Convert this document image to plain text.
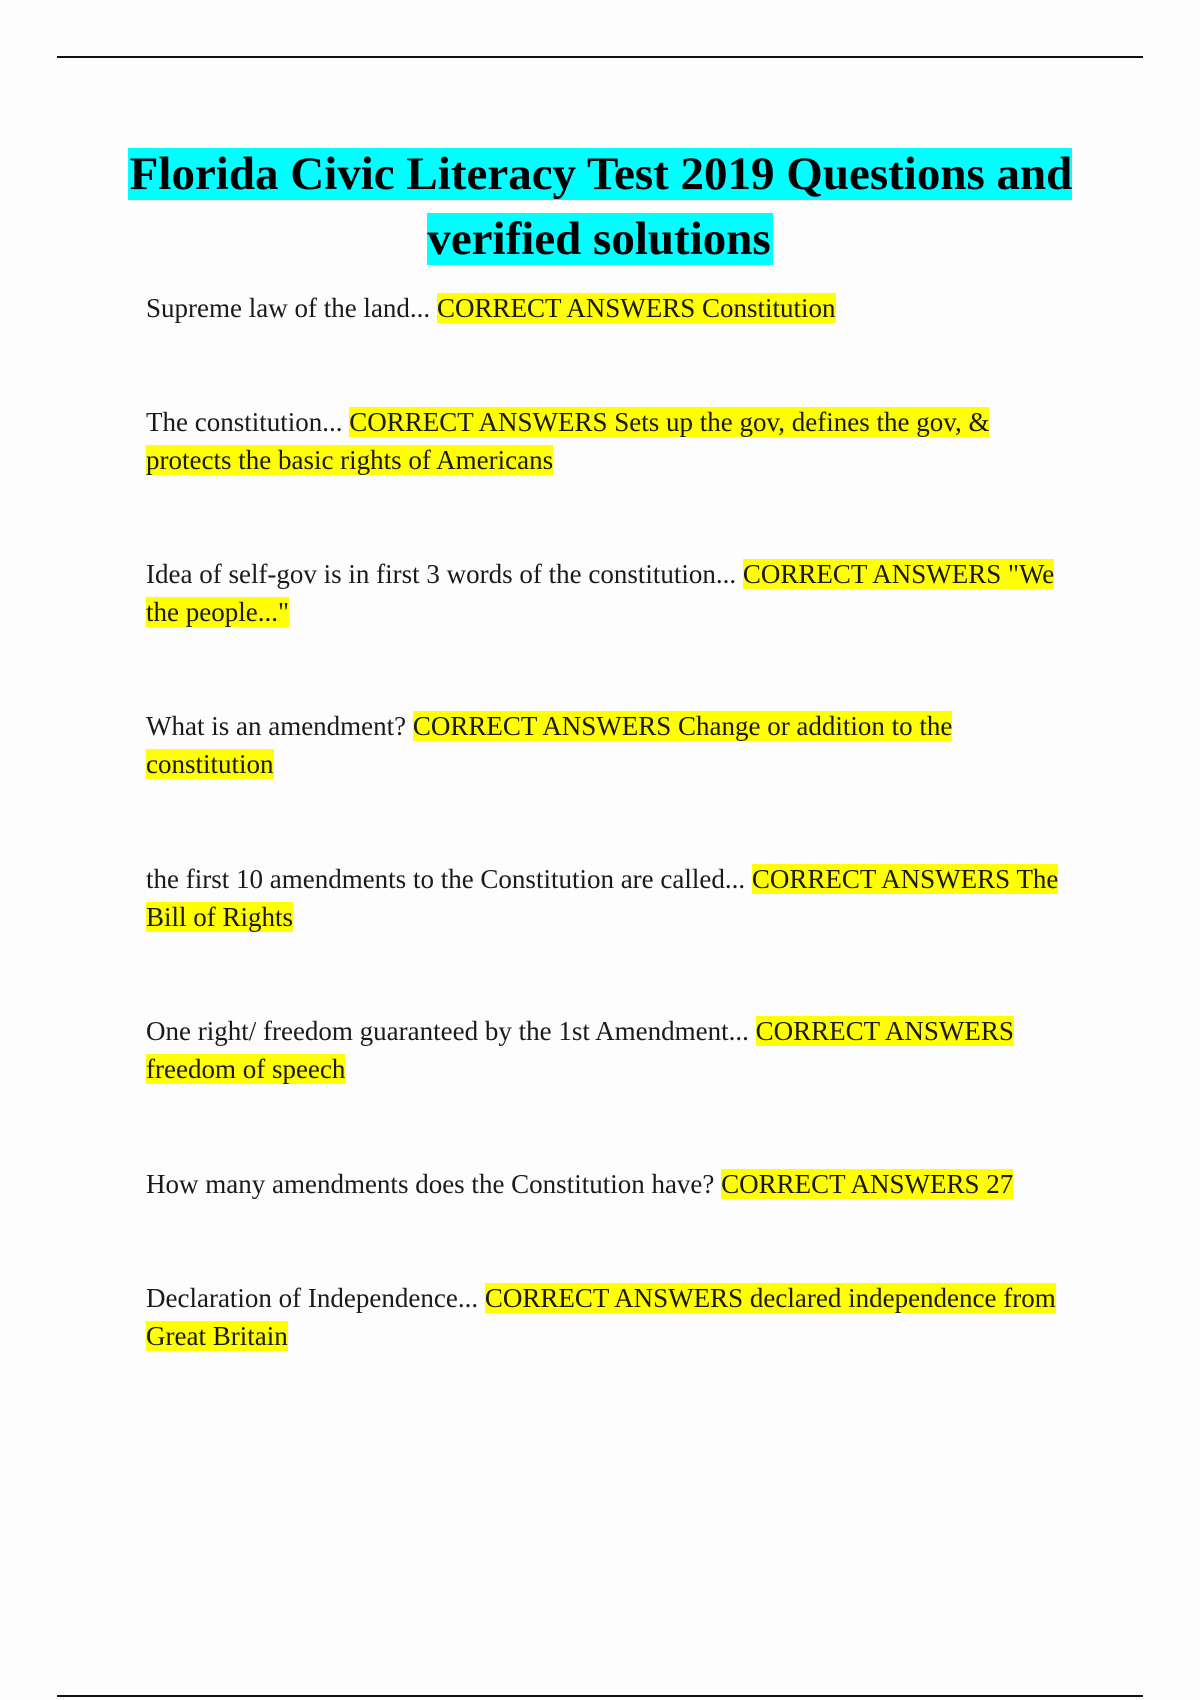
Florida Civic Literacy Test 2019 Questions and verified solutions
Supreme law of the land... CORRECT ANSWERS Constitution
The constitution... CORRECT ANSWERS Sets up the gov, defines the gov, & protects the basic rights of Americans
Idea of self-gov is in first 3 words of the constitution... CORRECT ANSWERS "We the people..."
What is an amendment? CORRECT ANSWERS Change or addition to the constitution
the first 10 amendments to the Constitution are called... CORRECT ANSWERS The Bill of Rights
One right/ freedom guaranteed by the 1st Amendment... CORRECT ANSWERS freedom of speech
How many amendments does the Constitution have? CORRECT ANSWERS 27
Declaration of Independence... CORRECT ANSWERS declared independence from Great Britain
